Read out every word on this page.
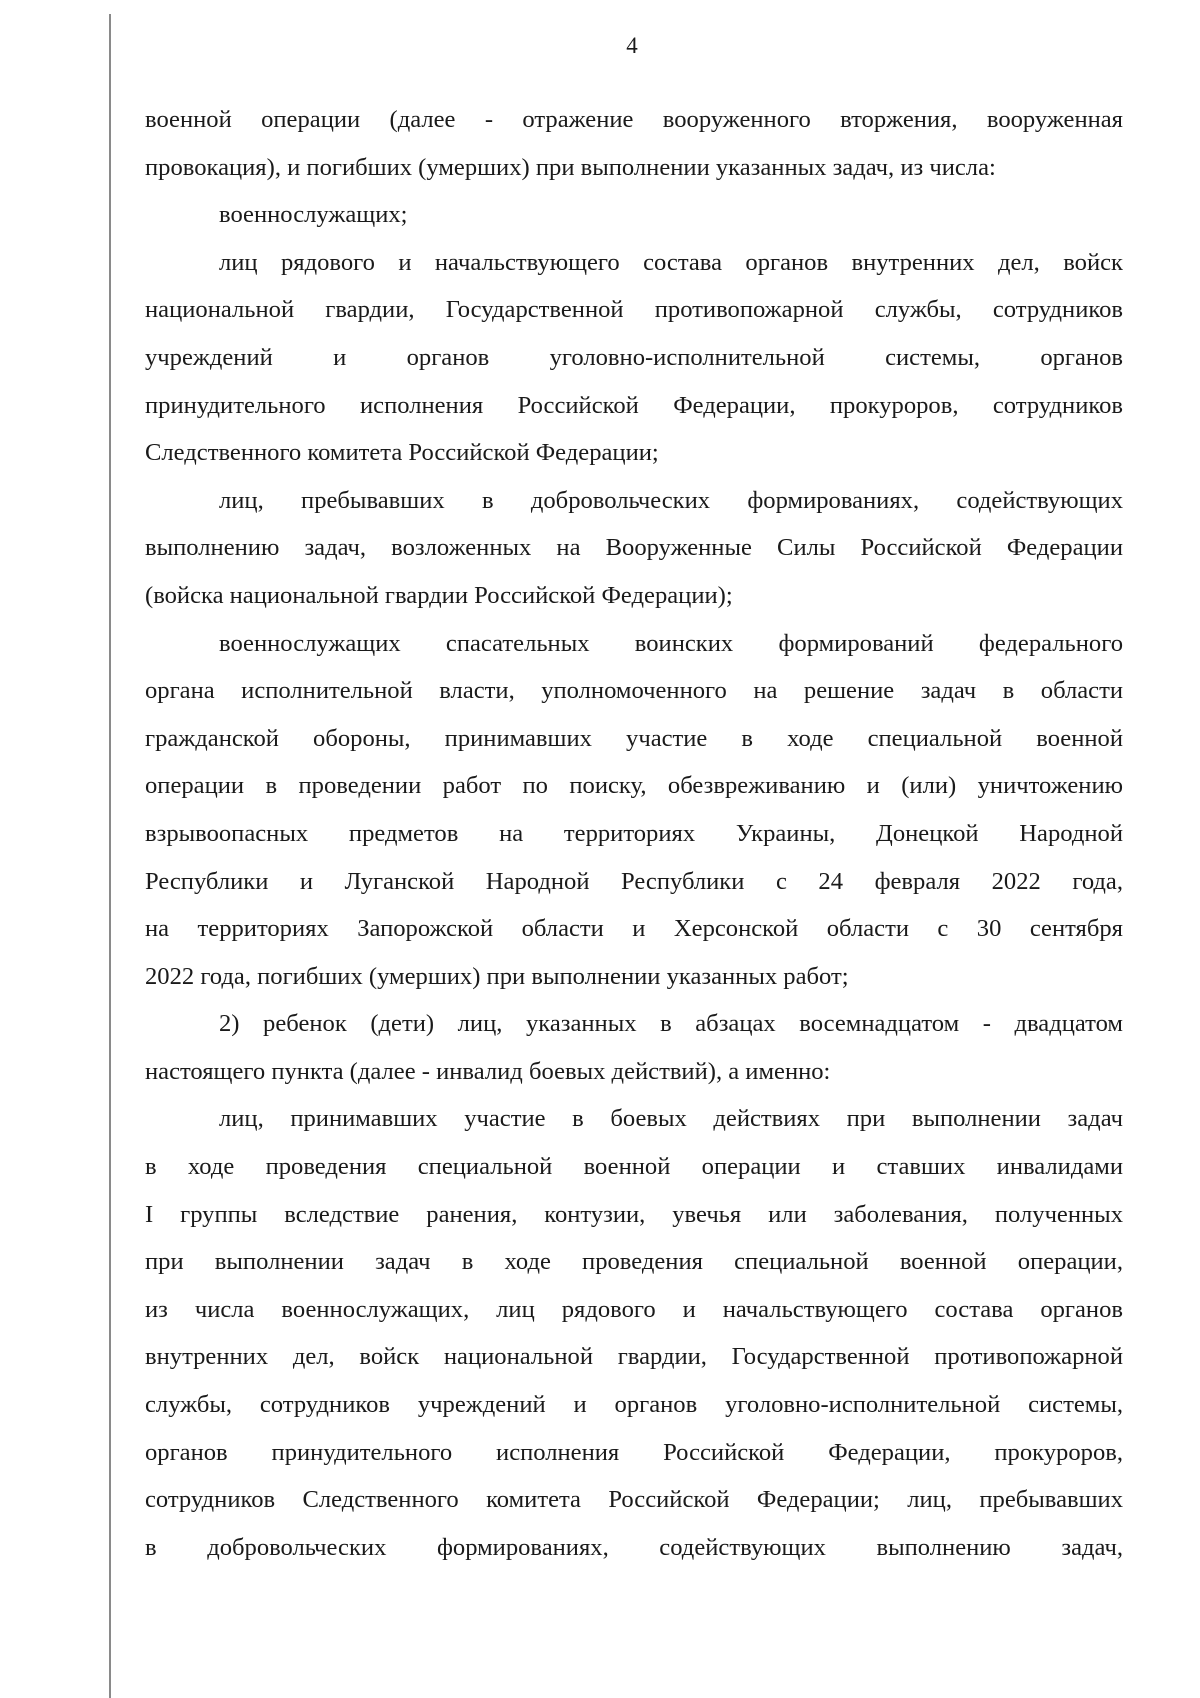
4

военной операции (далее - отражение вооруженного вторжения, вооруженная

провокация), и погибших (умерших) при выполнении указанных задач, из числа:

военнослужащих;

лиц рядового и начальствующего состава органов внутренних дел, войск

национальной гвардии, Государственной противопожарной службы, сотрудников

учреждений и органов уголовно-исполнительной системы, органов

принудительного исполнения Российской Федерации, прокуроров, сотрудников

Следственного комитета Российской Федерации;

лиц, пребывавших в добровольческих формированиях, содействующих

выполнению задач, возложенных на Вооруженные Силы Российской Федерации

(войска национальной гвардии Российской Федерации);

военнослужащих спасательных воинских формирований федерального

органа исполнительной власти, уполномоченного на решение задач в области

гражданской обороны, принимавших участие в ходе специальной военной

операции в проведении работ по поиску, обезвреживанию и (или) уничтожению

взрывоопасных предметов на территориях Украины, Донецкой Народной

Республики и Луганской Народной Республики с 24 февраля 2022 года,

на территориях Запорожской области и Херсонской области с 30 сентября

2022 года, погибших (умерших) при выполнении указанных работ;

2) ребенок (дети) лиц, указанных в абзацах восемнадцатом - двадцатом

настоящего пункта (далее - инвалид боевых действий), а именно:

лиц, принимавших участие в боевых действиях при выполнении задач

в ходе проведения специальной военной операции и ставших инвалидами

I группы вследствие ранения, контузии, увечья или заболевания, полученных

при выполнении задач в ходе проведения специальной военной операции,

из числа военнослужащих, лиц рядового и начальствующего состава органов

внутренних дел, войск национальной гвардии, Государственной противопожарной

службы, сотрудников учреждений и органов уголовно-исполнительной системы,

органов принудительного исполнения Российской Федерации, прокуроров,

сотрудников Следственного комитета Российской Федерации; лиц, пребывавших

в добровольческих формированиях, содействующих выполнению задач,
